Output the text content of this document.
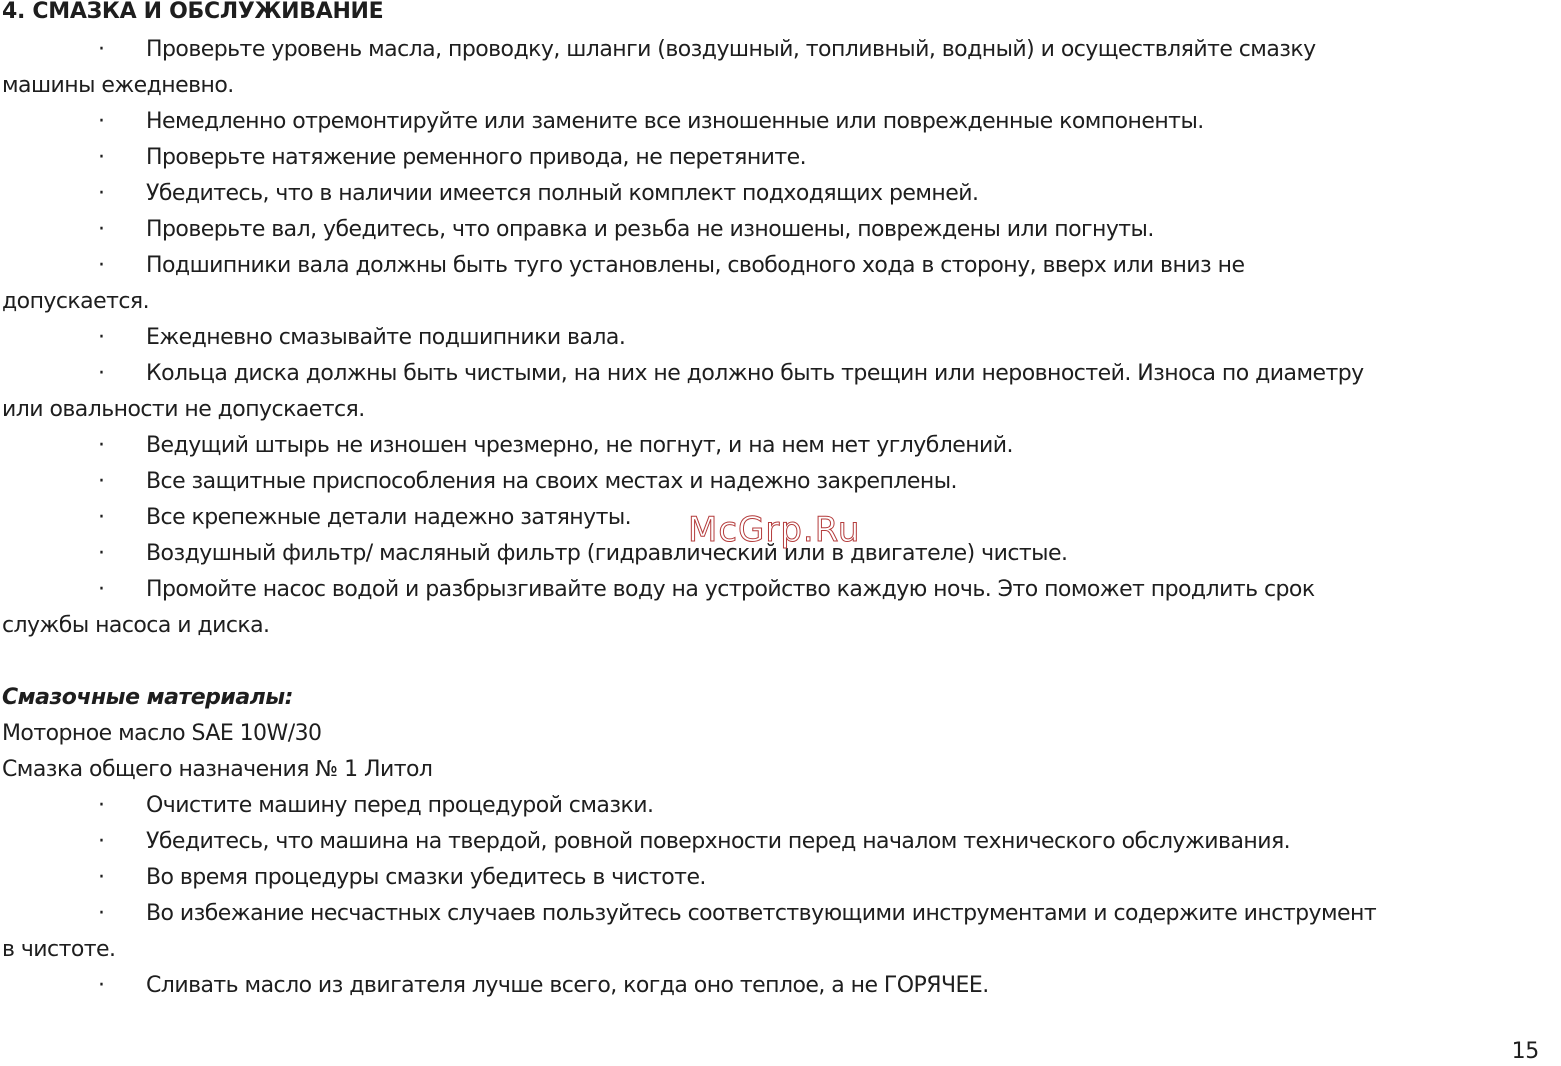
4. СМАЗКА И ОБСЛУЖИВАНИЕ
·	Проверьте уровень масла, проводку, шланги (воздушный, топливный, водный) и осуществляйте смазку
машины ежедневно.
·	Немедленно отремонтируйте или замените все изношенные или поврежденные компоненты.
·	Проверьте натяжение ременного привода, не перетяните.
·	Убедитесь, что в наличии имеется полный комплект подходящих ремней.
·	Проверьте вал, убедитесь, что оправка и резьба не изношены, повреждены или погнуты.
·	Подшипники вала должны быть туго установлены, свободного хода в сторону, вверх или вниз не
допускается.
·	Ежедневно смазывайте подшипники вала.
·	Кольца диска должны быть чистыми, на них не должно быть трещин или неровностей. Износа по диаметру
или овальности не допускается.
·	Ведущий штырь не изношен чрезмерно, не погнут, и на нем нет углублений.
·	Все защитные приспособления на своих местах и надежно закреплены.
·	Все крепежные детали надежно затянуты.
·	Воздушный фильтр/ масляный фильтр (гидравлический или в двигателе) чистые.
·	Промойте насос водой и разбрызгивайте воду на устройство каждую ночь. Это поможет продлить срок
службы насоса и диска.
Смазочные материалы:
Моторное масло SAE 10W/30
Смазка общего назначения № 1 Литол
·	Очистите машину перед процедурой смазки.
·	Убедитесь, что машина на твердой, ровной поверхности перед началом технического обслуживания.
·	Во время процедуры смазки убедитесь в чистоте.
·	Во избежание несчастных случаев пользуйтесь соответствующими инструментами и содержите инструмент
в чистоте.
·	Сливать масло из двигателя лучше всего, когда оно теплое, а не ГОРЯЧЕЕ.
McGrp.Ru
15
